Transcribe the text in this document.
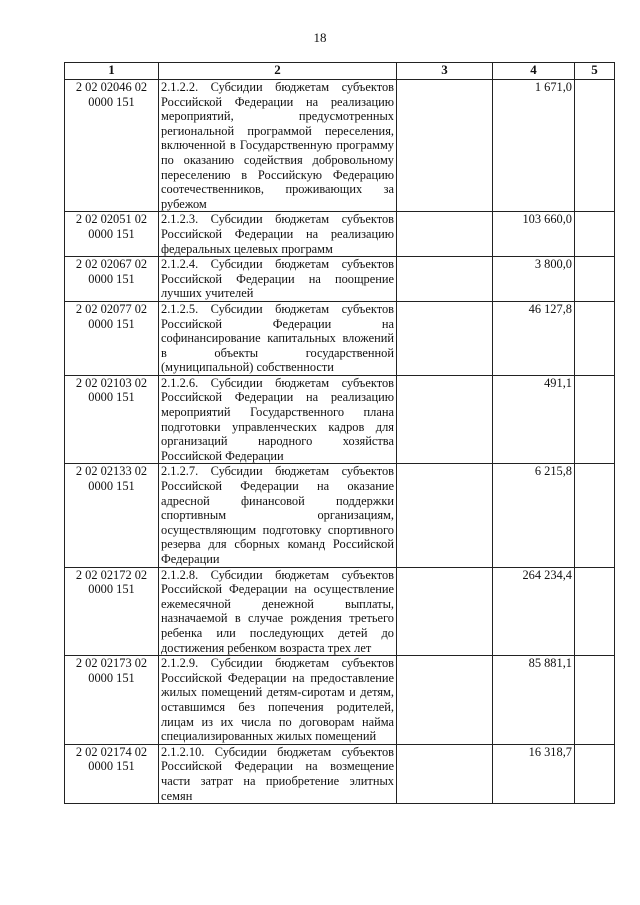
18
1	2	3	4	5
2 02 02046 02 0000 151	2.1.2.2. Субсидии бюджетам субъектов Российской Федерации на реализацию мероприятий, предусмотренных региональной программой переселения, включенной в Государственную программу по оказанию содействия добровольному переселению в Российскую Федерацию соотечественников, проживающих за рубежом		1 671,0	
2 02 02051 02 0000 151	2.1.2.3. Субсидии бюджетам субъектов Российской Федерации на реализацию федеральных целевых программ		103 660,0	
2 02 02067 02 0000 151	2.1.2.4. Субсидии бюджетам субъектов Российской Федерации на поощрение лучших учителей		3 800,0	
2 02 02077 02 0000 151	2.1.2.5. Субсидии бюджетам субъектов Российской Федерации на софинансирование капитальных вложений в объекты государственной (муниципальной) собственности		46 127,8	
2 02 02103 02 0000 151	2.1.2.6. Субсидии бюджетам субъектов Российской Федерации на реализацию мероприятий Государственного плана подготовки управленческих кадров для организаций народного хозяйства Российской Федерации		491,1	
2 02 02133 02 0000 151	2.1.2.7. Субсидии бюджетам субъектов Российской Федерации на оказание адресной финансовой поддержки спортивным организациям, осуществляющим подготовку спортивного резерва для сборных команд Российской Федерации		6 215,8	
2 02 02172 02 0000 151	2.1.2.8. Субсидии бюджетам субъектов Российской Федерации на осуществление ежемесячной денежной выплаты, назначаемой в случае рождения третьего ребенка или последующих детей до достижения ребенком возраста трех лет		264 234,4	
2 02 02173 02 0000 151	2.1.2.9. Субсидии бюджетам субъектов Российской Федерации на предоставление жилых помещений детям-сиротам и детям, оставшимся без попечения родителей, лицам из их числа по договорам найма специализированных жилых помещений		85 881,1	
2 02 02174 02 0000 151	2.1.2.10. Субсидии бюджетам субъектов Российской Федерации на возмещение части затрат на приобретение элитных семян		16 318,7	
